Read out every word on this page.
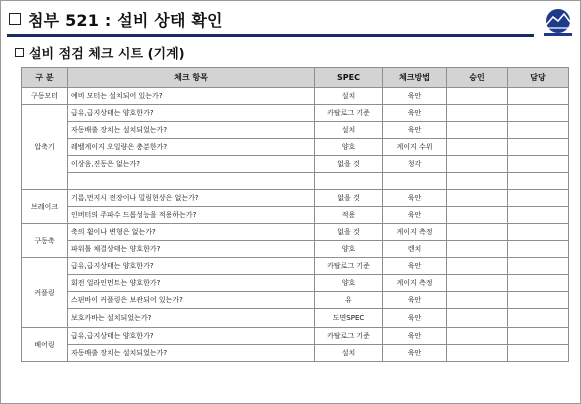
첨부 521 : 설비 상태 확인
설비 점검 체크 시트 (기계)
구 분	체크 항목	SPEC	체크방법	승인	담당
구동모터	예비 모터는 설치되어 있는가?	설치	육안		
압축기	급유,급지상태는 양호한가?	카탈로그 기준	육안		
	자동배출 장치는 설치되었는가?	설치	육안		
	레벨게이지 오일량은 충분한가?	양호	게이지 수위		
	이상음,진동은 없는가?	없을 것	청각		

브레이크	기름,먼지시 전장이나 밀림현상은 없는가?	없을 것	육안		
	인버터의 주파수 드롭성능을 적용하는가?	적용	육안		
구동축	축의 휨이나 변형은 없는가?	없을 것	게이지 측정		
	파워툴 체결상태는 양호한가?	양호	렌치		
커플링	급유,급지상태는 양호한가?	카탈로그 기준	육안		
	회전 얼라인먼트는 양호한가?	양호	게이지 측정		
	스핀바이 커플링은 보관되어 있는가?	유	육안		
	보호카바는 설치되었는가?	도면SPEC	육안		
베어링	급유,급지상태는 양호한가?	카탈로그 기준	육안		
	자동배출 장치는 설치되었는가?	설치	육안		
